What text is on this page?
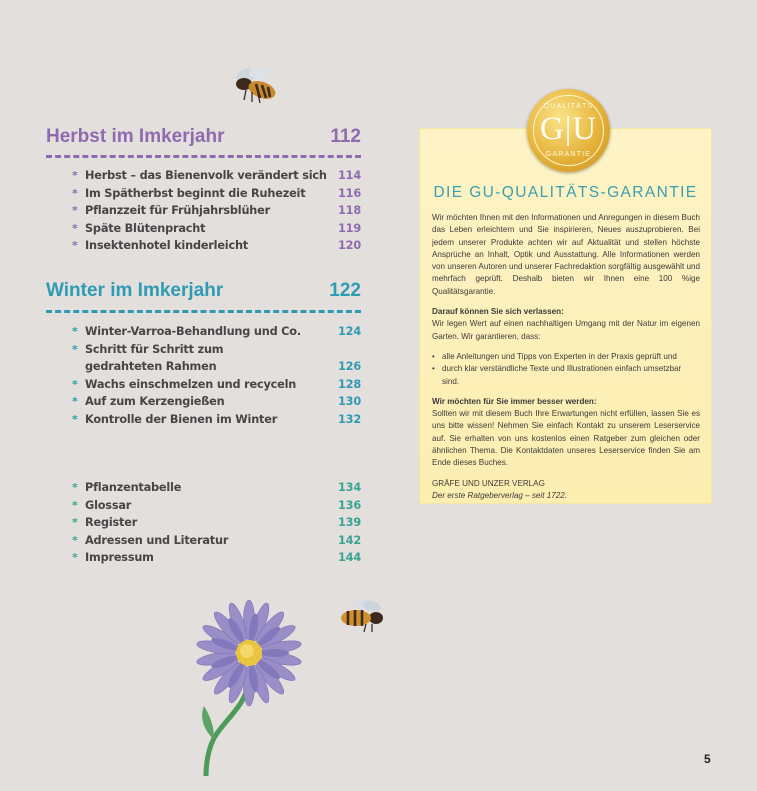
Herbst im Imkerjahr	112
* Herbst – das Bienenvolk verändert sich 114
* Im Spätherbst beginnt die Ruhezeit	116
* Pflanzzeit für Frühjahrsblüher	118
* Späte Blütenpracht	119
* Insektenhotel kinderleicht	120
Winter im Imkerjahr	122
* Winter-Varroa-Behandlung und Co.	124
* Schritt für Schritt zum
gedrahteten Rahmen	126
* Wachs einschmelzen und recyceln	128
* Auf zum Kerzengießen	130
* Kontrolle der Bienen im Winter	132
* Pflanzentabelle	134
* Glossar	136
* Register	139
* Adressen und Literatur	142
* Impressum	144
QUALITÄTS
G|U
GARANTIE
DIE GU-QUALITÄTS-GARANTIE

Wir möchten Ihnen mit den Informationen und Anregungen in diesem Buch das Leben erleichtern und Sie inspirieren, Neues auszuprobieren. Bei jedem unserer Produkte achten wir auf Aktualität und stellen höchste Ansprüche an Inhalt, Optik und Ausstattung. Alle Informationen werden von unseren Autoren und unserer Fachredaktion sorgfältig ausgewählt und mehrfach geprüft. Deshalb bieten wir Ihnen eine 100 %ige Qualitätsgarantie.

Darauf können Sie sich verlassen:
Wir legen Wert auf einen nachhaltigen Umgang mit der Natur im eigenen Garten. Wir garantieren, dass:

• alle Anleitungen und Tipps von Experten in der Praxis geprüft und
• durch klar verständliche Texte und Illustrationen einfach umsetzbar sind.

Wir möchten für Sie immer besser werden:
Sollten wir mit diesem Buch Ihre Erwartungen nicht erfüllen, lassen Sie es uns bitte wissen! Nehmen Sie einfach Kontakt zu unserem Leserservice auf. Sie erhalten von uns kostenlos einen Ratgeber zum gleichen oder ähnlichen Thema. Die Kontaktdaten unseres Leserservice finden Sie am Ende dieses Buches.

GRÄFE UND UNZER VERLAG
Der erste Ratgeberverlag – seit 1722.
5
